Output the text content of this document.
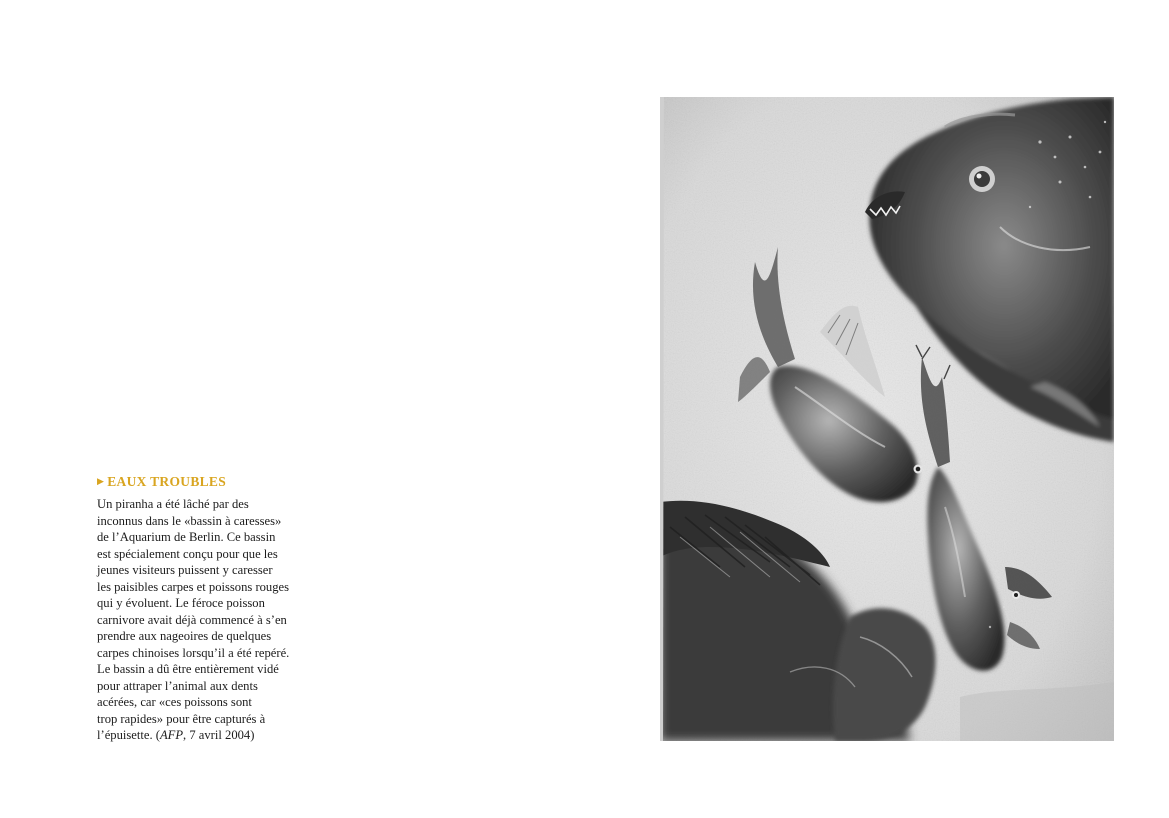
▶ EAUX TROUBLES

Un piranha a été lâché par des
inconnus dans le «bassin à caresses»
de l’Aquarium de Berlin. Ce bassin
est spécialement conçu pour que les
jeunes visiteurs puissent y caresser
les paisibles carpes et poissons rouges
qui y évoluent. Le féroce poisson
carnivore avait déjà commencé à s’en
prendre aux nageoires de quelques
carpes chinoises lorsqu’il a été repéré.
Le bassin a dû être entièrement vidé
pour attraper l’animal aux dents
acérées, car «ces poissons sont
trop rapides» pour être capturés à
l’épuisette. (AFP, 7 avril 2004)
